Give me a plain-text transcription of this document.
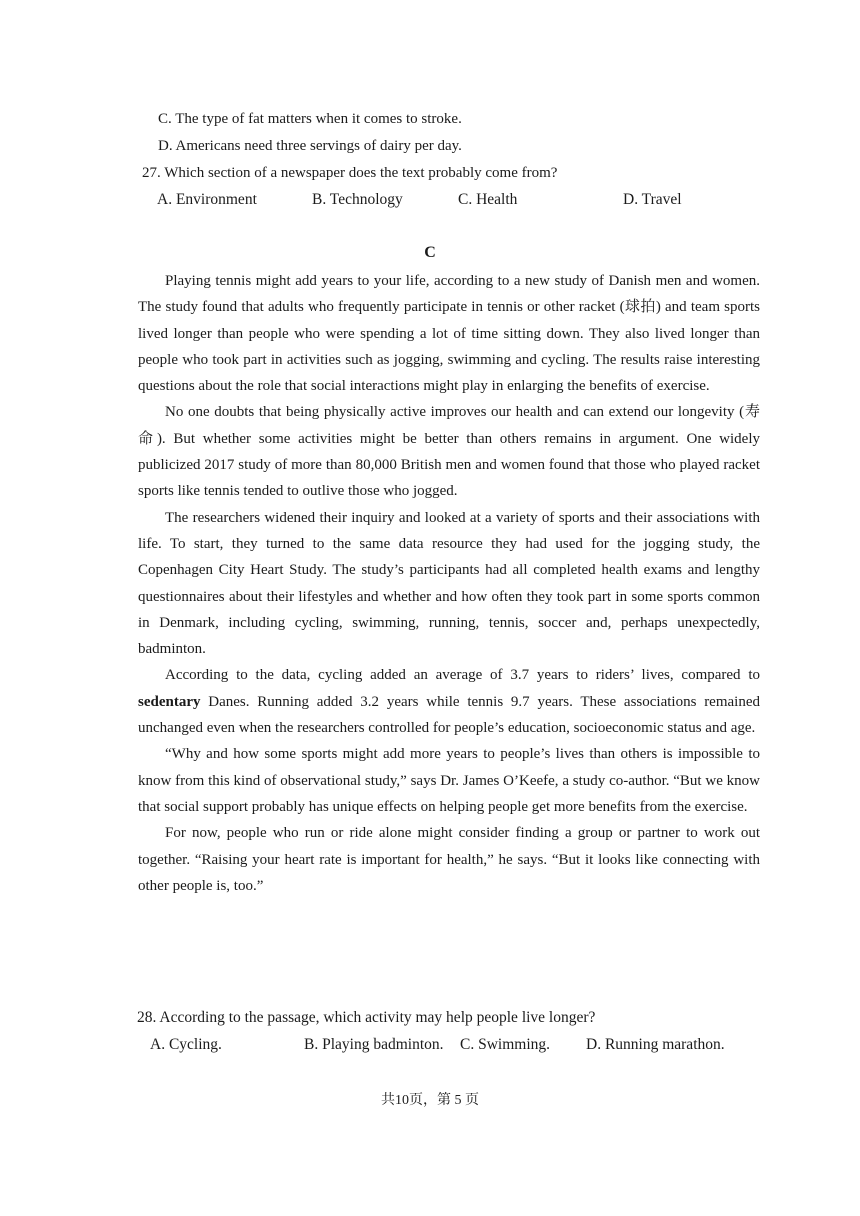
C. The type of fat matters when it comes to stroke.
D. Americans need three servings of dairy per day.
27. Which section of a newspaper does the text probably come from?
A. Environment	B. Technology	C. Health	D. Travel
C

Playing tennis might add years to your life, according to a new study of Danish men and women. The study found that adults who frequently participate in tennis or other racket (球拍) and team sports lived longer than people who were spending a lot of time sitting down. They also lived longer than people who took part in activities such as jogging, swimming and cycling. The results raise interesting questions about the role that social interactions might play in enlarging the benefits of exercise.

No one doubts that being physically active improves our health and can extend our longevity (寿命). But whether some activities might be better than others remains in argument. One widely publicized 2017 study of more than 80,000 British men and women found that those who played racket sports like tennis tended to outlive those who jogged.

The researchers widened their inquiry and looked at a variety of sports and their associations with life. To start, they turned to the same data resource they had used for the jogging study, the Copenhagen City Heart Study. The study’s participants had all completed health exams and lengthy questionnaires about their lifestyles and whether and how often they took part in some sports common in Denmark, including cycling, swimming, running, tennis, soccer and, perhaps unexpectedly, badminton.

According to the data, cycling added an average of 3.7 years to riders’ lives, compared to sedentary Danes. Running added 3.2 years while tennis 9.7 years. These associations remained unchanged even when the researchers controlled for people’s education, socioeconomic status and age.

“Why and how some sports might add more years to people’s lives than others is impossible to know from this kind of observational study,” says Dr. James O’Keefe, a study co-author. “But we know that social support probably has unique effects on helping people get more benefits from the exercise.

For now, people who run or ride alone might consider finding a group or partner to work out together. “Raising your heart rate is important for health,” he says. “But it looks like connecting with other people is, too.”

28. According to the passage, which activity may help people live longer?
A. Cycling.	B. Playing badminton. C. Swimming. D. Running marathon.
共10页，第 5 页
